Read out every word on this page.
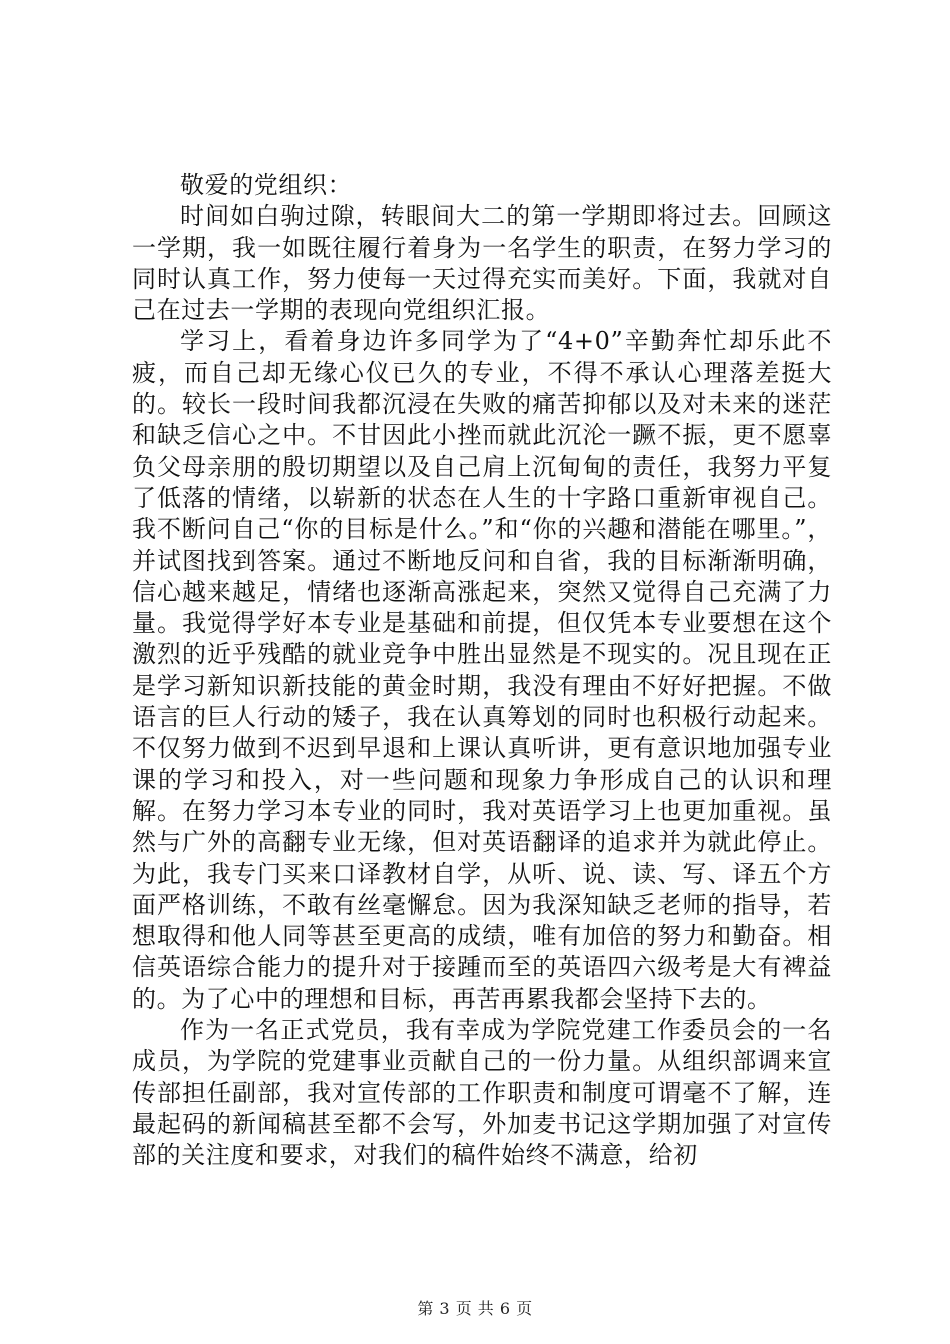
敬爱的党组织：

时间如白驹过隙，转眼间大二的第一学期即将过去。回顾这一学期，我一如既往履行着身为一名学生的职责，在努力学习的同时认真工作，努力使每一天过得充实而美好。下面，我就对自己在过去一学期的表现向党组织汇报。

学习上，看着身边许多同学为了“4+0”辛勤奔忙却乐此不疲，而自己却无缘心仪已久的专业，不得不承认心理落差挺大的。较长一段时间我都沉浸在失败的痛苦抑郁以及对未来的迷茫和缺乏信心之中。不甘因此小挫而就此沉沦一蹶不振，更不愿辜负父母亲朋的殷切期望以及自己肩上沉甸甸的责任，我努力平复了低落的情绪，以崭新的状态在人生的十字路口重新审视自己。我不断问自己“你的目标是什么。”和“你的兴趣和潜能在哪里。”，并试图找到答案。通过不断地反问和自省，我的目标渐渐明确，信心越来越足，情绪也逐渐高涨起来，突然又觉得自己充满了力量。我觉得学好本专业是基础和前提，但仅凭本专业要想在这个激烈的近乎残酷的就业竞争中胜出显然是不现实的。况且现在正是学习新知识新技能的黄金时期，我没有理由不好好把握。不做语言的巨人行动的矮子，我在认真筹划的同时也积极行动起来。不仅努力做到不迟到早退和上课认真听讲，更有意识地加强专业课的学习和投入，对一些问题和现象力争形成自己的认识和理解。在努力学习本专业的同时，我对英语学习上也更加重视。虽然与广外的高翻专业无缘，但对英语翻译的追求并为就此停止。为此，我专门买来口译教材自学，从听、说、读、写、译五个方面严格训练，不敢有丝毫懈怠。因为我深知缺乏老师的指导，若想取得和他人同等甚至更高的成绩，唯有加倍的努力和勤奋。相信英语综合能力的提升对于接踵而至的英语四六级考是大有裨益的。为了心中的理想和目标，再苦再累我都会坚持下去的。

作为一名正式党员，我有幸成为学院党建工作委员会的一名成员，为学院的党建事业贡献自己的一份力量。从组织部调来宣传部担任副部，我对宣传部的工作职责和制度可谓毫不了解，连最起码的新闻稿甚至都不会写，外加麦书记这学期加强了对宣传部的关注度和要求，对我们的稿件始终不满意，给初

第 3 页 共 6 页
